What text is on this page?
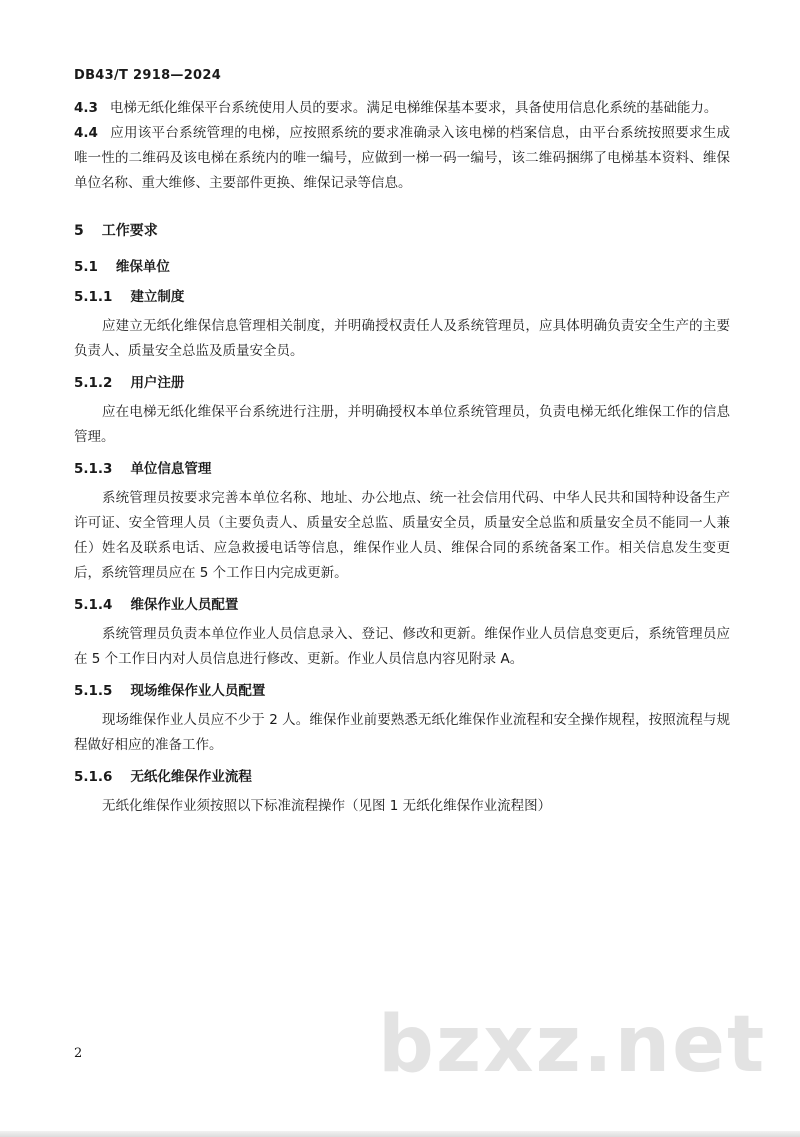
DB43/T 2918—2024

4.3 电梯无纸化维保平台系统使用人员的要求。满足电梯维保基本要求，具备使用信息化系统的基础能力。

4.4 应用该平台系统管理的电梯，应按照系统的要求准确录入该电梯的档案信息，由平台系统按照要求生成唯一性的二维码及该电梯在系统内的唯一编号，应做到一梯一码一编号，该二维码捆绑了电梯基本资料、维保单位名称、重大维修、主要部件更换、维保记录等信息。

5 工作要求
5.1 维保单位
5.1.1 建立制度

应建立无纸化维保信息管理相关制度，并明确授权责任人及系统管理员，应具体明确负责安全生产的主要负责人、质量安全总监及质量安全员。

5.1.2 用户注册

应在电梯无纸化维保平台系统进行注册，并明确授权本单位系统管理员，负责电梯无纸化维保工作的信息管理。

5.1.3 单位信息管理

系统管理员按要求完善本单位名称、地址、办公地点、统一社会信用代码、中华人民共和国特种设备生产许可证、安全管理人员（主要负责人、质量安全总监、质量安全员，质量安全总监和质量安全员不能同一人兼任）姓名及联系电话、应急救援电话等信息，维保作业人员、维保合同的系统备案工作。相关信息发生变更后，系统管理员应在 5 个工作日内完成更新。

5.1.4 维保作业人员配置

系统管理员负责本单位作业人员信息录入、登记、修改和更新。维保作业人员信息变更后，系统管理员应在 5 个工作日内对人员信息进行修改、更新。作业人员信息内容见附录 A。

5.1.5 现场维保作业人员配置

现场维保作业人员应不少于 2 人。维保作业前要熟悉无纸化维保作业流程和安全操作规程，按照流程与规程做好相应的准备工作。

5.1.6 无纸化维保作业流程

无纸化维保作业须按照以下标准流程操作（见图 1 无纸化维保作业流程图）

bzxz.net
2
